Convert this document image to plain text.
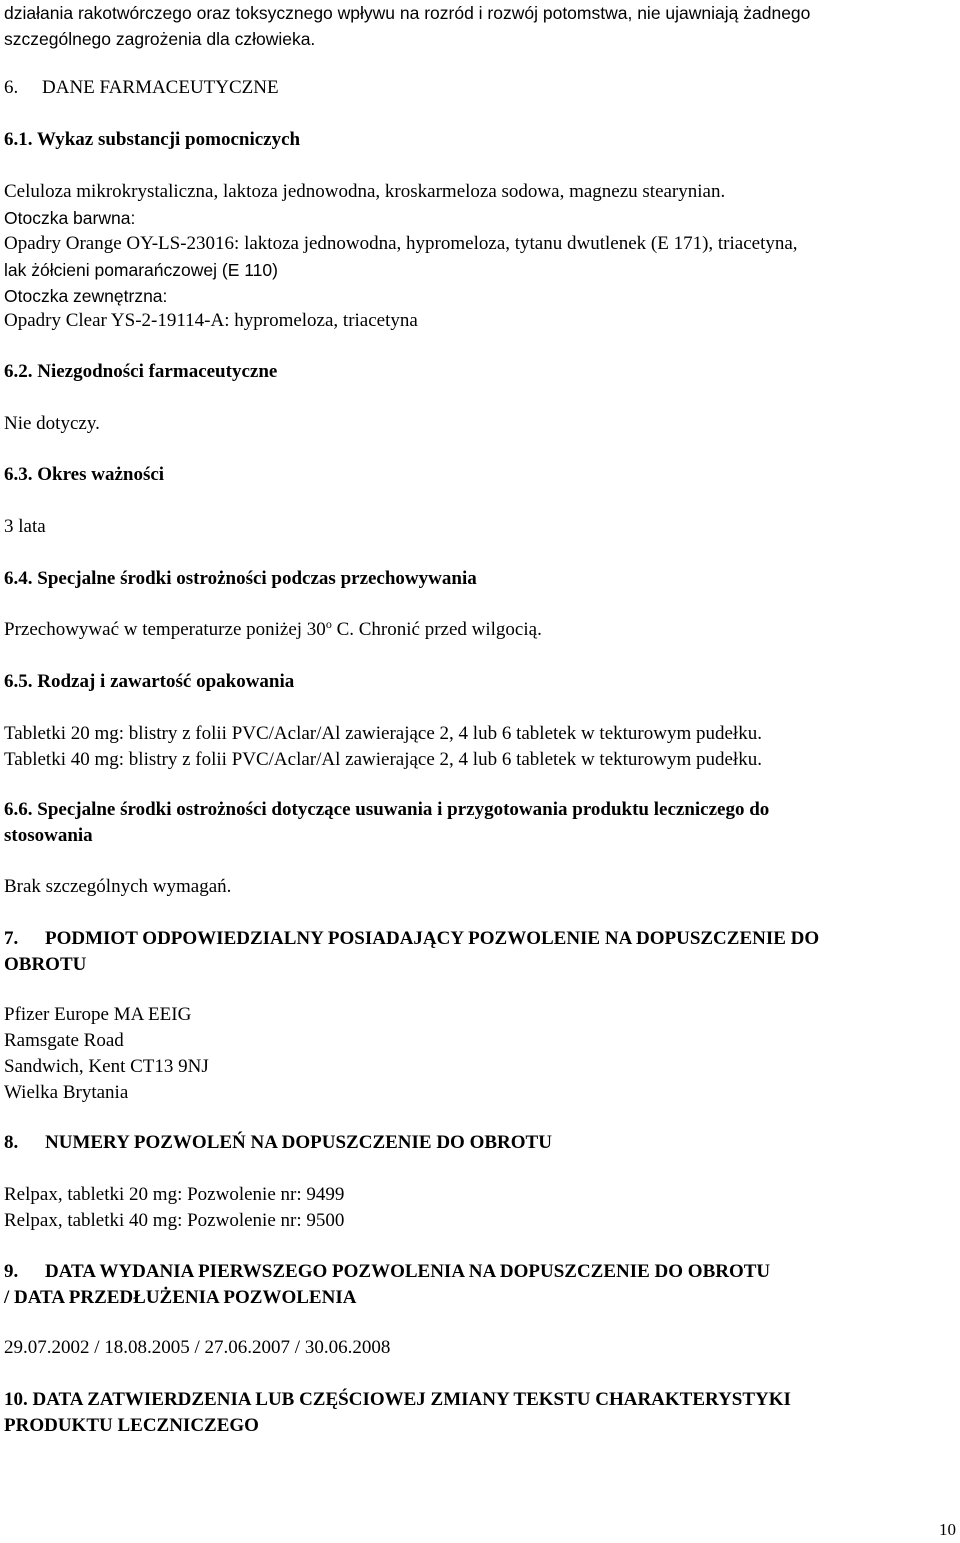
działania rakotwórczego oraz toksycznego wpływu na rozród i rozwój potomstwa, nie ujawniają żadnego
szczególnego zagrożenia dla człowieka.

6. DANE FARMACEUTYCZNE
6.1. Wykaz substancji pomocniczych
Celuloza mikrokrystaliczna, laktoza jednowodna, kroskarmeloza sodowa, magnezu stearynian.
Otoczka barwna:
Opadry Orange OY-LS-23016: laktoza jednowodna, hypromeloza, tytanu dwutlenek (E 171), triacetyna,
lak żółcieni pomarańczowej (E 110)
Otoczka zewnętrzna:
Opadry Clear YS-2-19114-A: hypromeloza, triacetyna
6.2. Niezgodności farmaceutyczne
Nie dotyczy.
6.3. Okres ważności
3 lata
6.4. Specjalne środki ostrożności podczas przechowywania
Przechowywać w temperaturze poniżej 30$^o$ C. Chronić przed wilgocią.
6.5. Rodzaj i zawartość opakowania
Tabletki 20 mg: blistry z folii PVC/Aclar/Al zawierające 2, 4 lub 6 tabletek w tekturowym pudełku.
Tabletki 40 mg: blistry z folii PVC/Aclar/Al zawierające 2, 4 lub 6 tabletek w tekturowym pudełku.
6.6. Specjalne środki ostrożności dotyczące usuwania i przygotowania produktu leczniczego do
stosowania
Brak szczególnych wymagań.
7. PODMIOT ODPOWIEDZIALNY POSIADAJĄCY POZWOLENIE NA DOPUSZCZENIE DO
OBROTU
Pfizer Europe MA EEIG
Ramsgate Road
Sandwich, Kent CT13 9NJ
Wielka Brytania
8. NUMERY POZWOLEŃ NA DOPUSZCZENIE DO OBROTU
Relpax, tabletki 20 mg: Pozwolenie nr: 9499
Relpax, tabletki 40 mg: Pozwolenie nr: 9500
9. DATA WYDANIA PIERWSZEGO POZWOLENIA NA DOPUSZCZENIE DO OBROTU
/ DATA PRZEDŁUŻENIA POZWOLENIA
29.07.2002 / 18.08.2005 / 27.06.2007 / 30.06.2008
10. DATA ZATWIERDZENIA LUB CZĘŚCIOWEJ ZMIANY TEKSTU CHARAKTERYSTYKI
PRODUKTU LECZNICZEGO
10
